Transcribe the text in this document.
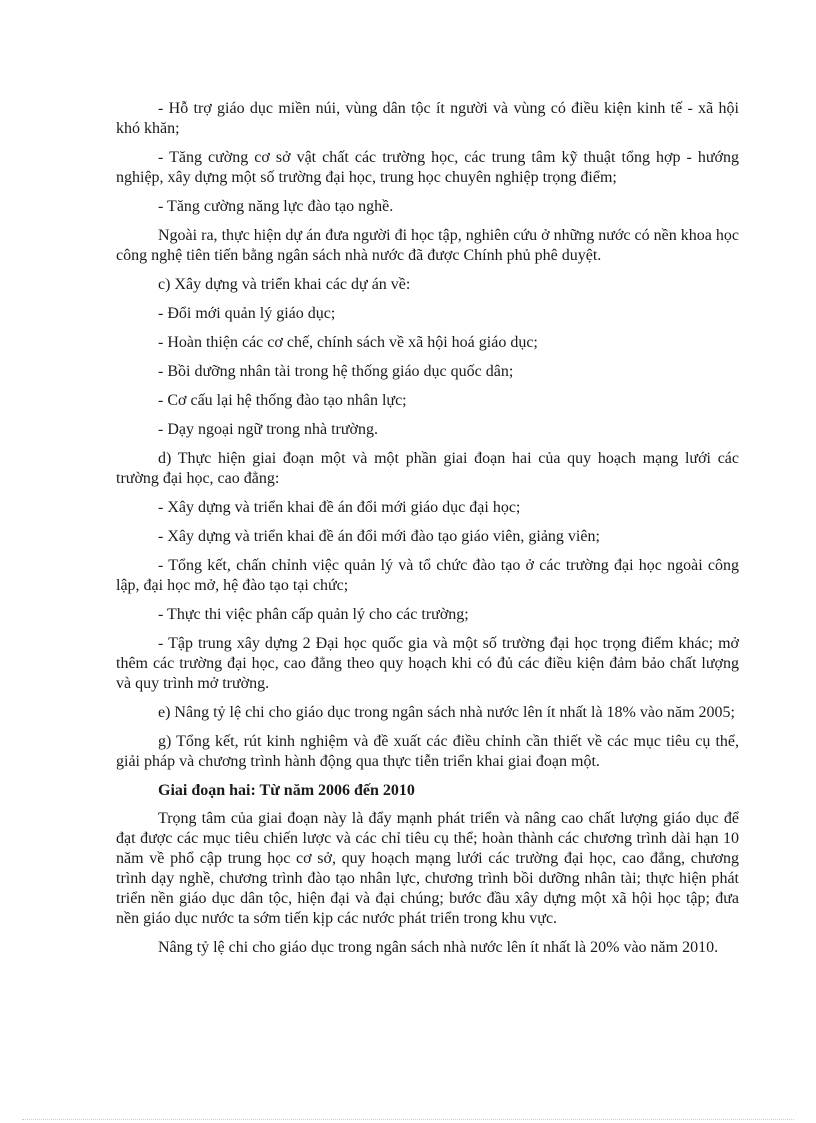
- Hỗ trợ giáo dục miền núi, vùng dân tộc ít người và vùng có điều kiện kinh tế - xã hội khó khăn;

- Tăng cường cơ sở vật chất các trường học, các trung tâm kỹ thuật tổng hợp - hướng nghiệp, xây dựng một số trường đại học, trung học chuyên nghiệp trọng điểm;

- Tăng cường năng lực đào tạo nghề.

Ngoài ra, thực hiện dự án đưa người đi học tập, nghiên cứu ở những nước có nền khoa học công nghệ tiên tiến bằng ngân sách nhà nước đã được Chính phủ phê duyệt.

c) Xây dựng và triển khai các dự án về:

- Đổi mới quản lý giáo dục;

- Hoàn thiện các cơ chế, chính sách về xã hội hoá giáo dục;

- Bồi dưỡng nhân tài trong hệ thống giáo dục quốc dân;

- Cơ cấu lại hệ thống đào tạo nhân lực;

- Dạy ngoại ngữ trong nhà trường.

d) Thực hiện giai đoạn một và một phần giai đoạn hai của quy hoạch mạng lưới các trường đại học, cao đẳng:

- Xây dựng và triển khai đề án đổi mới giáo dục đại học;

- Xây dựng và triển khai đề án đổi mới đào tạo giáo viên, giảng viên;

- Tổng kết, chấn chỉnh việc quản lý và tổ chức đào tạo ở các trường đại học ngoài công lập, đại học mở, hệ đào tạo tại chức;

- Thực thi việc phân cấp quản lý cho các trường;

- Tập trung xây dựng 2 Đại học quốc gia và một số trường đại học trọng điểm khác; mở thêm các trường đại học, cao đẳng theo quy hoạch khi có đủ các điều kiện đảm bảo chất lượng và quy trình mở trường.

e) Nâng tỷ lệ chi cho giáo dục trong ngân sách nhà nước lên ít nhất là 18% vào năm 2005;

g) Tổng kết, rút kinh nghiệm và đề xuất các điều chỉnh cần thiết về các mục tiêu cụ thể, giải pháp và chương trình hành động qua thực tiễn triển khai giai đoạn một.

Giai đoạn hai: Từ năm 2006 đến 2010

Trọng tâm của giai đoạn này là đẩy mạnh phát triển và nâng cao chất lượng giáo dục để đạt được các mục tiêu chiến lược và các chỉ tiêu cụ thể; hoàn thành các chương trình dài hạn 10 năm về phổ cập trung học cơ sở, quy hoạch mạng lưới các trường đại học, cao đẳng, chương trình dạy nghề, chương trình đào tạo nhân lực, chương trình bồi dưỡng nhân tài; thực hiện phát triển nền giáo dục dân tộc, hiện đại và đại chúng; bước đầu xây dựng một xã hội học tập; đưa nền giáo dục nước ta sớm tiến kịp các nước phát triển trong khu vực.

Nâng tỷ lệ chi cho giáo dục trong ngân sách nhà nước lên ít nhất là 20% vào năm 2010.
